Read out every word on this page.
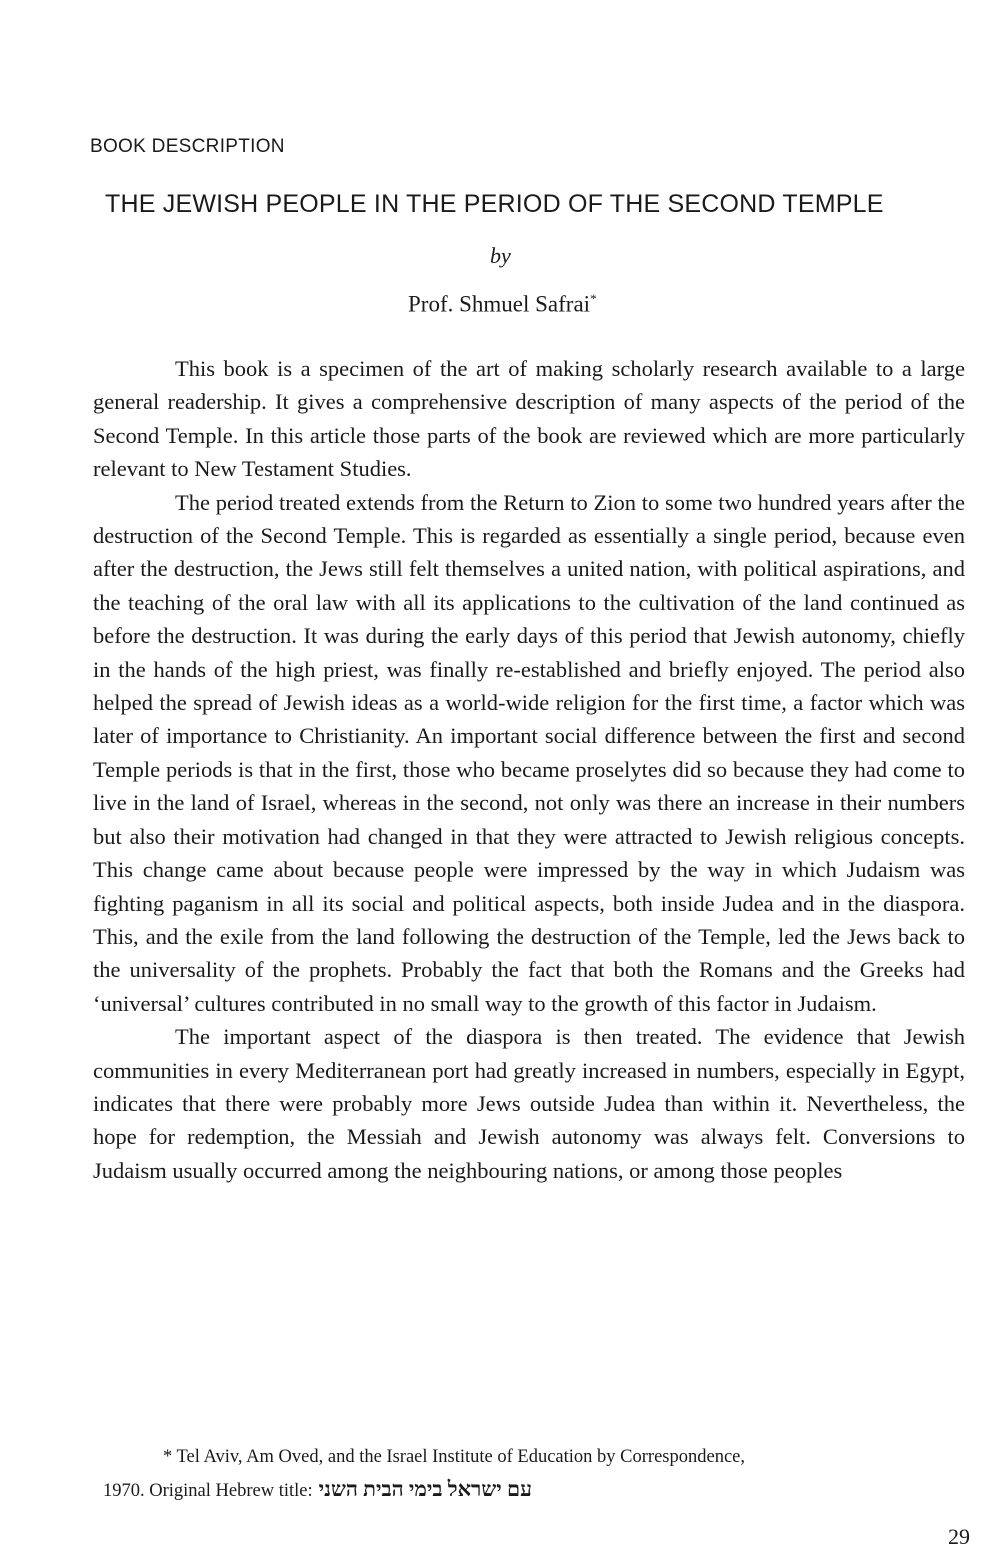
BOOK DESCRIPTION
THE JEWISH PEOPLE IN THE PERIOD OF THE SECOND TEMPLE
by
Prof. Shmuel Safrai*

This book is a specimen of the art of making scholarly research available to a large general readership. It gives a comprehensive description of many aspects of the period of the Second Temple. In this article those parts of the book are reviewed which are more particularly relevant to New Testament Studies.

The period treated extends from the Return to Zion to some two hundred years after the destruction of the Second Temple. This is regarded as essentially a single period, because even after the destruction, the Jews still felt themselves a united nation, with political aspirations, and the teaching of the oral law with all its applications to the cultivation of the land continued as before the destruction. It was during the early days of this period that Jewish autonomy, chiefly in the hands of the high priest, was finally re-established and briefly enjoyed. The period also helped the spread of Jewish ideas as a world-wide religion for the first time, a factor which was later of importance to Christianity. An important social difference between the first and second Temple periods is that in the first, those who became proselytes did so because they had come to live in the land of Israel, whereas in the second, not only was there an increase in their numbers but also their motivation had changed in that they were attracted to Jewish religious concepts. This change came about because people were impressed by the way in which Judaism was fighting paganism in all its social and political aspects, both inside Judea and in the diaspora. This, and the exile from the land following the destruction of the Temple, led the Jews back to the universality of the prophets. Probably the fact that both the Romans and the Greeks had ‘universal’ cultures contributed in no small way to the growth of this factor in Judaism.

The important aspect of the diaspora is then treated. The evidence that Jewish communities in every Mediterranean port had greatly increased in numbers, especially in Egypt, indicates that there were probably more Jews outside Judea than within it. Nevertheless, the hope for redemption, the Messiah and Jewish autonomy was always felt. Conversions to Judaism usually occurred among the neighbouring nations, or among those peoples

* Tel Aviv, Am Oved, and the Israel Institute of Education by Correspondence,
1970. Original Hebrew title: עם ישראל בימי הבית השני
29
